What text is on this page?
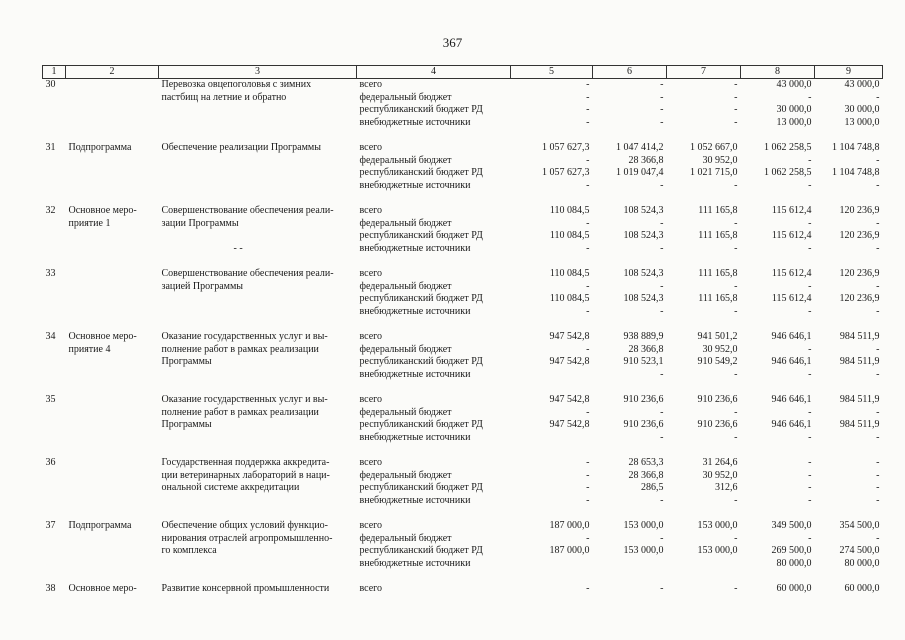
367
1	2	3	4	5	6	7	8	9
30		Перевозка овцепоголовья с зимних	всего	-	-	-	43 000,0	43 000,0
		пастбищ на летние и обратно	федеральный бюджет	-	-	-	-	-
			республиканский бюджет РД	-	-	-	30 000,0	30 000,0
			внебюджетные источники	-	-	-	13 000,0	13 000,0

31	Подпрограмма	Обеспечение реализации Программы	всего	1 057 627,3	1 047 414,2	1 052 667,0	1 062 258,5	1 104 748,8
			федеральный бюджет	-	28 366,8	30 952,0	-	-
			республиканский бюджет РД	1 057 627,3	1 019 047,4	1 021 715,0	1 062 258,5	1 104 748,8
			внебюджетные источники	-	-	-	-	-

32	Основное меро-	Совершенствование обеспечения реали-	всего	110 084,5	108 524,3	111 165,8	115 612,4	120 236,9
	приятие 1	зации Программы	федеральный бюджет	-	-	-	-	-
			республиканский бюджет РД	110 084,5	108 524,3	111 165,8	115 612,4	120 236,9
		- -	внебюджетные источники	-	-	-	-	-

33		Совершенствование обеспечения реали-	всего	110 084,5	108 524,3	111 165,8	115 612,4	120 236,9
		зацией Программы	федеральный бюджет	-	-	-	-	-
			республиканский бюджет РД	110 084,5	108 524,3	111 165,8	115 612,4	120 236,9
			внебюджетные источники	-	-	-	-	-

34	Основное меро-	Оказание государственных услуг и вы-	всего	947 542,8	938 889,9	941 501,2	946 646,1	984 511,9
	приятие 4	полнение работ в рамках реализации	федеральный бюджет	-	28 366,8	30 952,0	-	-
		Программы	республиканский бюджет РД	947 542,8	910 523,1	910 549,2	946 646,1	984 511,9
			внебюджетные источники		-	-	-	-

35		Оказание государственных услуг и вы-	всего	947 542,8	910 236,6	910 236,6	946 646,1	984 511,9
		полнение работ в рамках реализации	федеральный бюджет	-	-	-	-	-
		Программы	республиканский бюджет РД	947 542,8	910 236,6	910 236,6	946 646,1	984 511,9
			внебюджетные источники		-	-	-	-

36		Государственная поддержка аккредита-	всего	-	28 653,3	31 264,6	-	-
		ции ветеринарных лабораторий в наци-	федеральный бюджет	-	28 366,8	30 952,0	-	-
		ональной системе аккредитации	республиканский бюджет РД	-	286,5	312,6	-	-
			внебюджетные источники	-	-	-	-	-

37	Подпрограмма	Обеспечение общих условий функцио-	всего	187 000,0	153 000,0	153 000,0	349 500,0	354 500,0
		нирования отраслей агропромышленно-	федеральный бюджет	-	-	-	-	-
		го комплекса	республиканский бюджет РД	187 000,0	153 000,0	153 000,0	269 500,0	274 500,0
			внебюджетные источники				80 000,0	80 000,0

38	Основное меро-	Развитие консервной промышленности	всего	-	-	-	60 000,0	60 000,0
